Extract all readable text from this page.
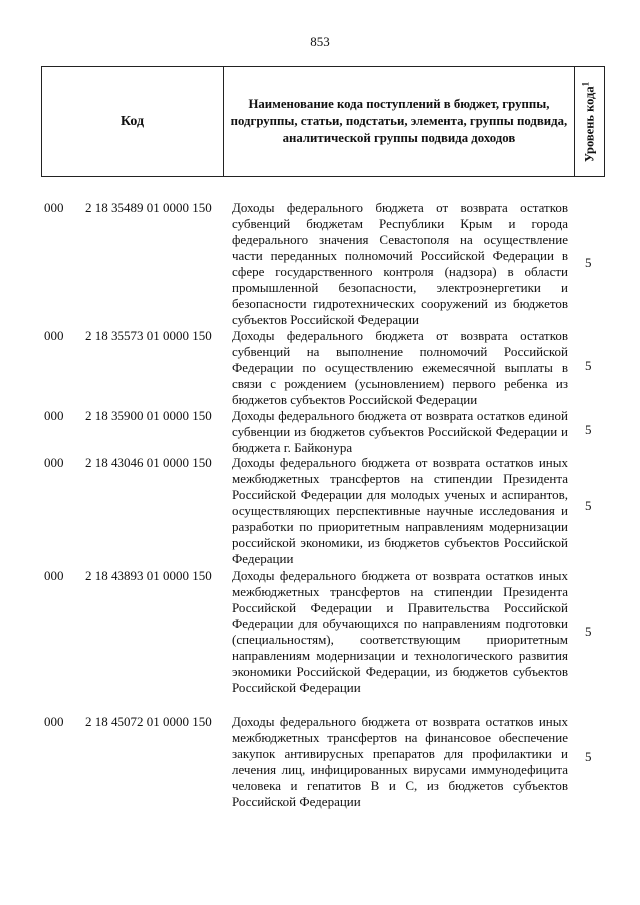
853
Код	Наименование кода поступлений в бюджет, группы, подгруппы, статьи, подстатьи, элемента, группы подвида, аналитической группы подвида доходов	Уровень кода$^1$
000 2 18 35489 01 0000 150 Доходы федерального бюджета от возврата остатков субвенций бюджетам Республики Крым и города федерального значения Севастополя на осуществление части переданных полномочий Российской Федерации в сфере государственного контроля (надзора) в области промышленной безопасности, электроэнергетики и безопасности гидротехнических сооружений из бюджетов субъектов Российской Федерации
5
000 2 18 35573 01 0000 150 Доходы федерального бюджета от возврата остатков субвенций на выполнение полномочий Российской Федерации по осуществлению ежемесячной выплаты в связи с рождением (усыновлением) первого ребенка из бюджетов субъектов Российской Федерации
5
000 2 18 35900 01 0000 150 Доходы федерального бюджета от возврата остатков единой субвенции из бюджетов субъектов Российской Федерации и бюджета г. Байконура
5
000 2 18 43046 01 0000 150 Доходы федерального бюджета от возврата остатков иных межбюджетных трансфертов на стипендии Президента Российской Федерации для молодых ученых и аспирантов, осуществляющих перспективные научные исследования и разработки по приоритетным направлениям модернизации российской экономики, из бюджетов субъектов Российской Федерации
5
000 2 18 43893 01 0000 150 Доходы федерального бюджета от возврата остатков иных межбюджетных трансфертов на стипендии Президента Российской Федерации и Правительства Российской Федерации для обучающихся по направлениям подготовки (специальностям), соответствующим приоритетным направлениям модернизации и технологического развития экономики Российской Федерации, из бюджетов субъектов Российской Федерации
5
000 2 18 45072 01 0000 150 Доходы федерального бюджета от возврата остатков иных межбюджетных трансфертов на финансовое обеспечение закупок антивирусных препаратов для профилактики и лечения лиц, инфицированных вирусами иммунодефицита человека и гепатитов В и С, из бюджетов субъектов Российской Федерации
5
